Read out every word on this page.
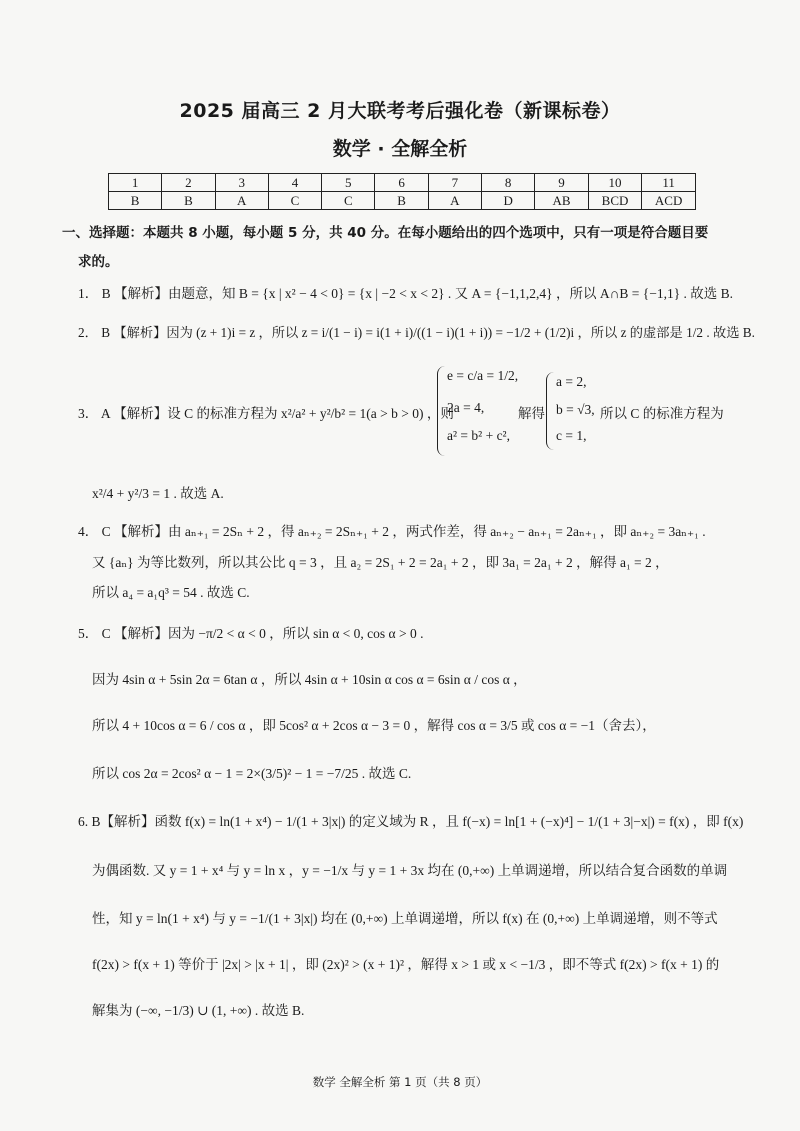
2025 届高三 2 月大联考考后强化卷（新课标卷）
数学 · 全解全析
1	2	3	4	5	6	7	8	9	10	11
B	B	A	C	C	B	A	D	AB	BCD	ACD
一、选择题：本题共 8 小题，每小题 5 分，共 40 分。在每小题给出的四个选项中，只有一项是符合题目要
求的。
1． B 【解析】由题意，知 B = {x | x² − 4 < 0} = {x | −2 < x < 2} . 又 A = {−1,1,2,4} ，所以 A∩B = {−1,1} . 故选 B.
2． B 【解析】因为 (z + 1)i = z ，所以 z = i/(1 − i) = i(1 + i)/((1 − i)(1 + i)) = −1/2 + (1/2)i ，所以 z 的虚部是 1/2 . 故选 B.
3． A 【解析】设 C 的标准方程为 x²/a² + y²/b² = 1(a > b > 0) ，则
e = c/a = 1/2,
2a = 4,
a² = b² + c²,
解得
a = 2,
b = √3,
c = 1,
所以 C 的标准方程为
x²/4 + y²/3 = 1 . 故选 A.
4． C 【解析】由 aₙ₊₁ = 2Sₙ + 2 ，得 aₙ₊₂ = 2Sₙ₊₁ + 2 ，两式作差，得 aₙ₊₂ − aₙ₊₁ = 2aₙ₊₁ ，即 aₙ₊₂ = 3aₙ₊₁ .
又 {aₙ} 为等比数列，所以其公比 q = 3 ，且 a₂ = 2S₁ + 2 = 2a₁ + 2 ，即 3a₁ = 2a₁ + 2 ，解得 a₁ = 2 ，
所以 a₄ = a₁q³ = 54 . 故选 C.
5． C 【解析】因为 −π/2 < α < 0 ，所以 sin α < 0, cos α > 0 .
因为 4sin α + 5sin 2α = 6tan α ，所以 4sin α + 10sin α cos α = 6sin α / cos α ，
所以 4 + 10cos α = 6 / cos α ，即 5cos² α + 2cos α − 3 = 0 ，解得 cos α = 3/5 或 cos α = −1（舍去），
所以 cos 2α = 2cos² α − 1 = 2×(3/5)² − 1 = −7/25 . 故选 C.
6. B【解析】函数 f(x) = ln(1 + x⁴) − 1/(1 + 3|x|) 的定义域为 R ，且 f(−x) = ln[1 + (−x)⁴] − 1/(1 + 3|−x|) = f(x) ，即 f(x)
为偶函数. 又 y = 1 + x⁴ 与 y = ln x ，y = −1/x 与 y = 1 + 3x 均在 (0,+∞) 上单调递增，所以结合复合函数的单调
性，知 y = ln(1 + x⁴) 与 y = −1/(1 + 3|x|) 均在 (0,+∞) 上单调递增，所以 f(x) 在 (0,+∞) 上单调递增，则不等式
f(2x) > f(x + 1) 等价于 |2x| > |x + 1| ，即 (2x)² > (x + 1)² ，解得 x > 1 或 x < −1/3 ，即不等式 f(2x) > f(x + 1) 的
解集为 (−∞, −1/3) ∪ (1, +∞) . 故选 B.
数学 全解全析 第 1 页（共 8 页）
